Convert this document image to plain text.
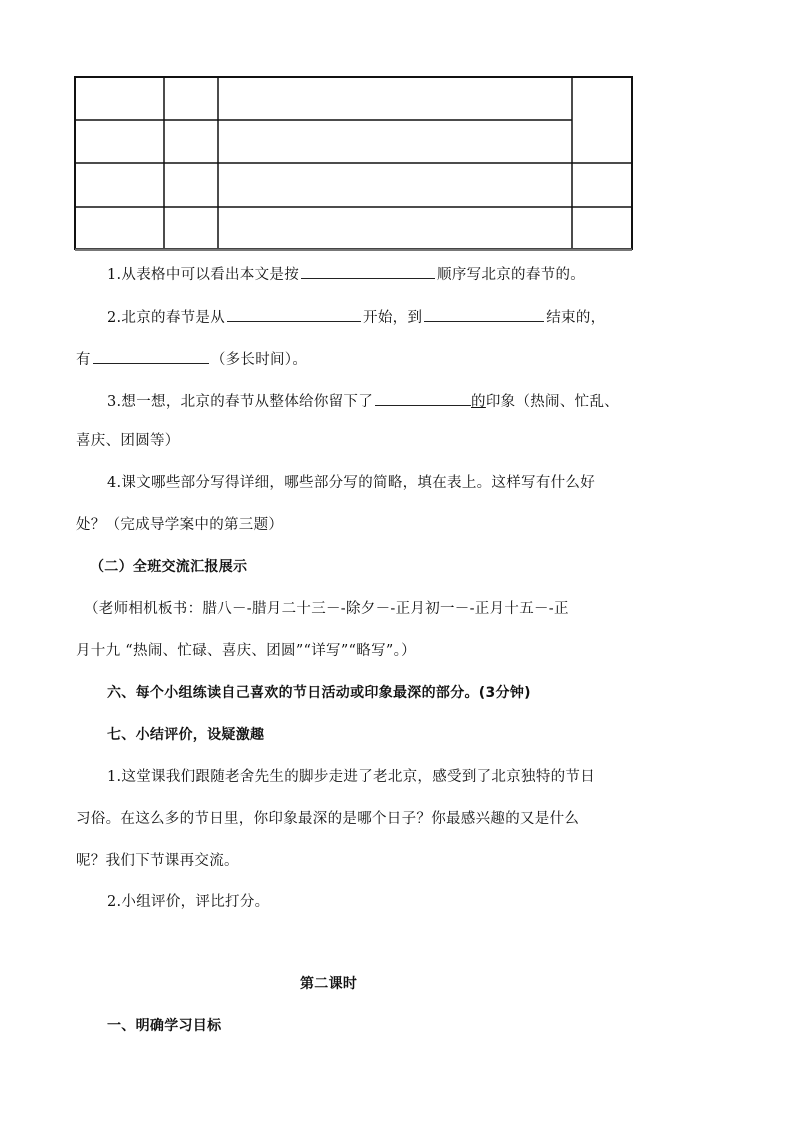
1.从表格中可以看出本文是按	顺序写北京的春节的。
2.北京的春节是从	开始，到	结束的，
有	（多长时间）。
3.想一想，北京的春节从整体给你留下了	的印象（热闹、忙乱、
喜庆、团圆等）
4.课文哪些部分写得详细，哪些部分写的简略，填在表上。这样写有什么好
处？（完成导学案中的第三题）
（二）全班交流汇报展示
（老师相机板书：腊八－-腊月二十三－-除夕－-正月初一－-正月十五－-正
月十九 “热闹、忙碌、喜庆、团圆”“详写”“略写”。）
六、每个小组练读自己喜欢的节日活动或印象最深的部分。(3分钟)
七、小结评价，设疑激趣
1.这堂课我们跟随老舍先生的脚步走进了老北京，感受到了北京独特的节日
习俗。在这么多的节日里，你印象最深的是哪个日子？你最感兴趣的又是什么
呢？我们下节课再交流。
2.小组评价，评比打分。
第二课时
一、明确学习目标
